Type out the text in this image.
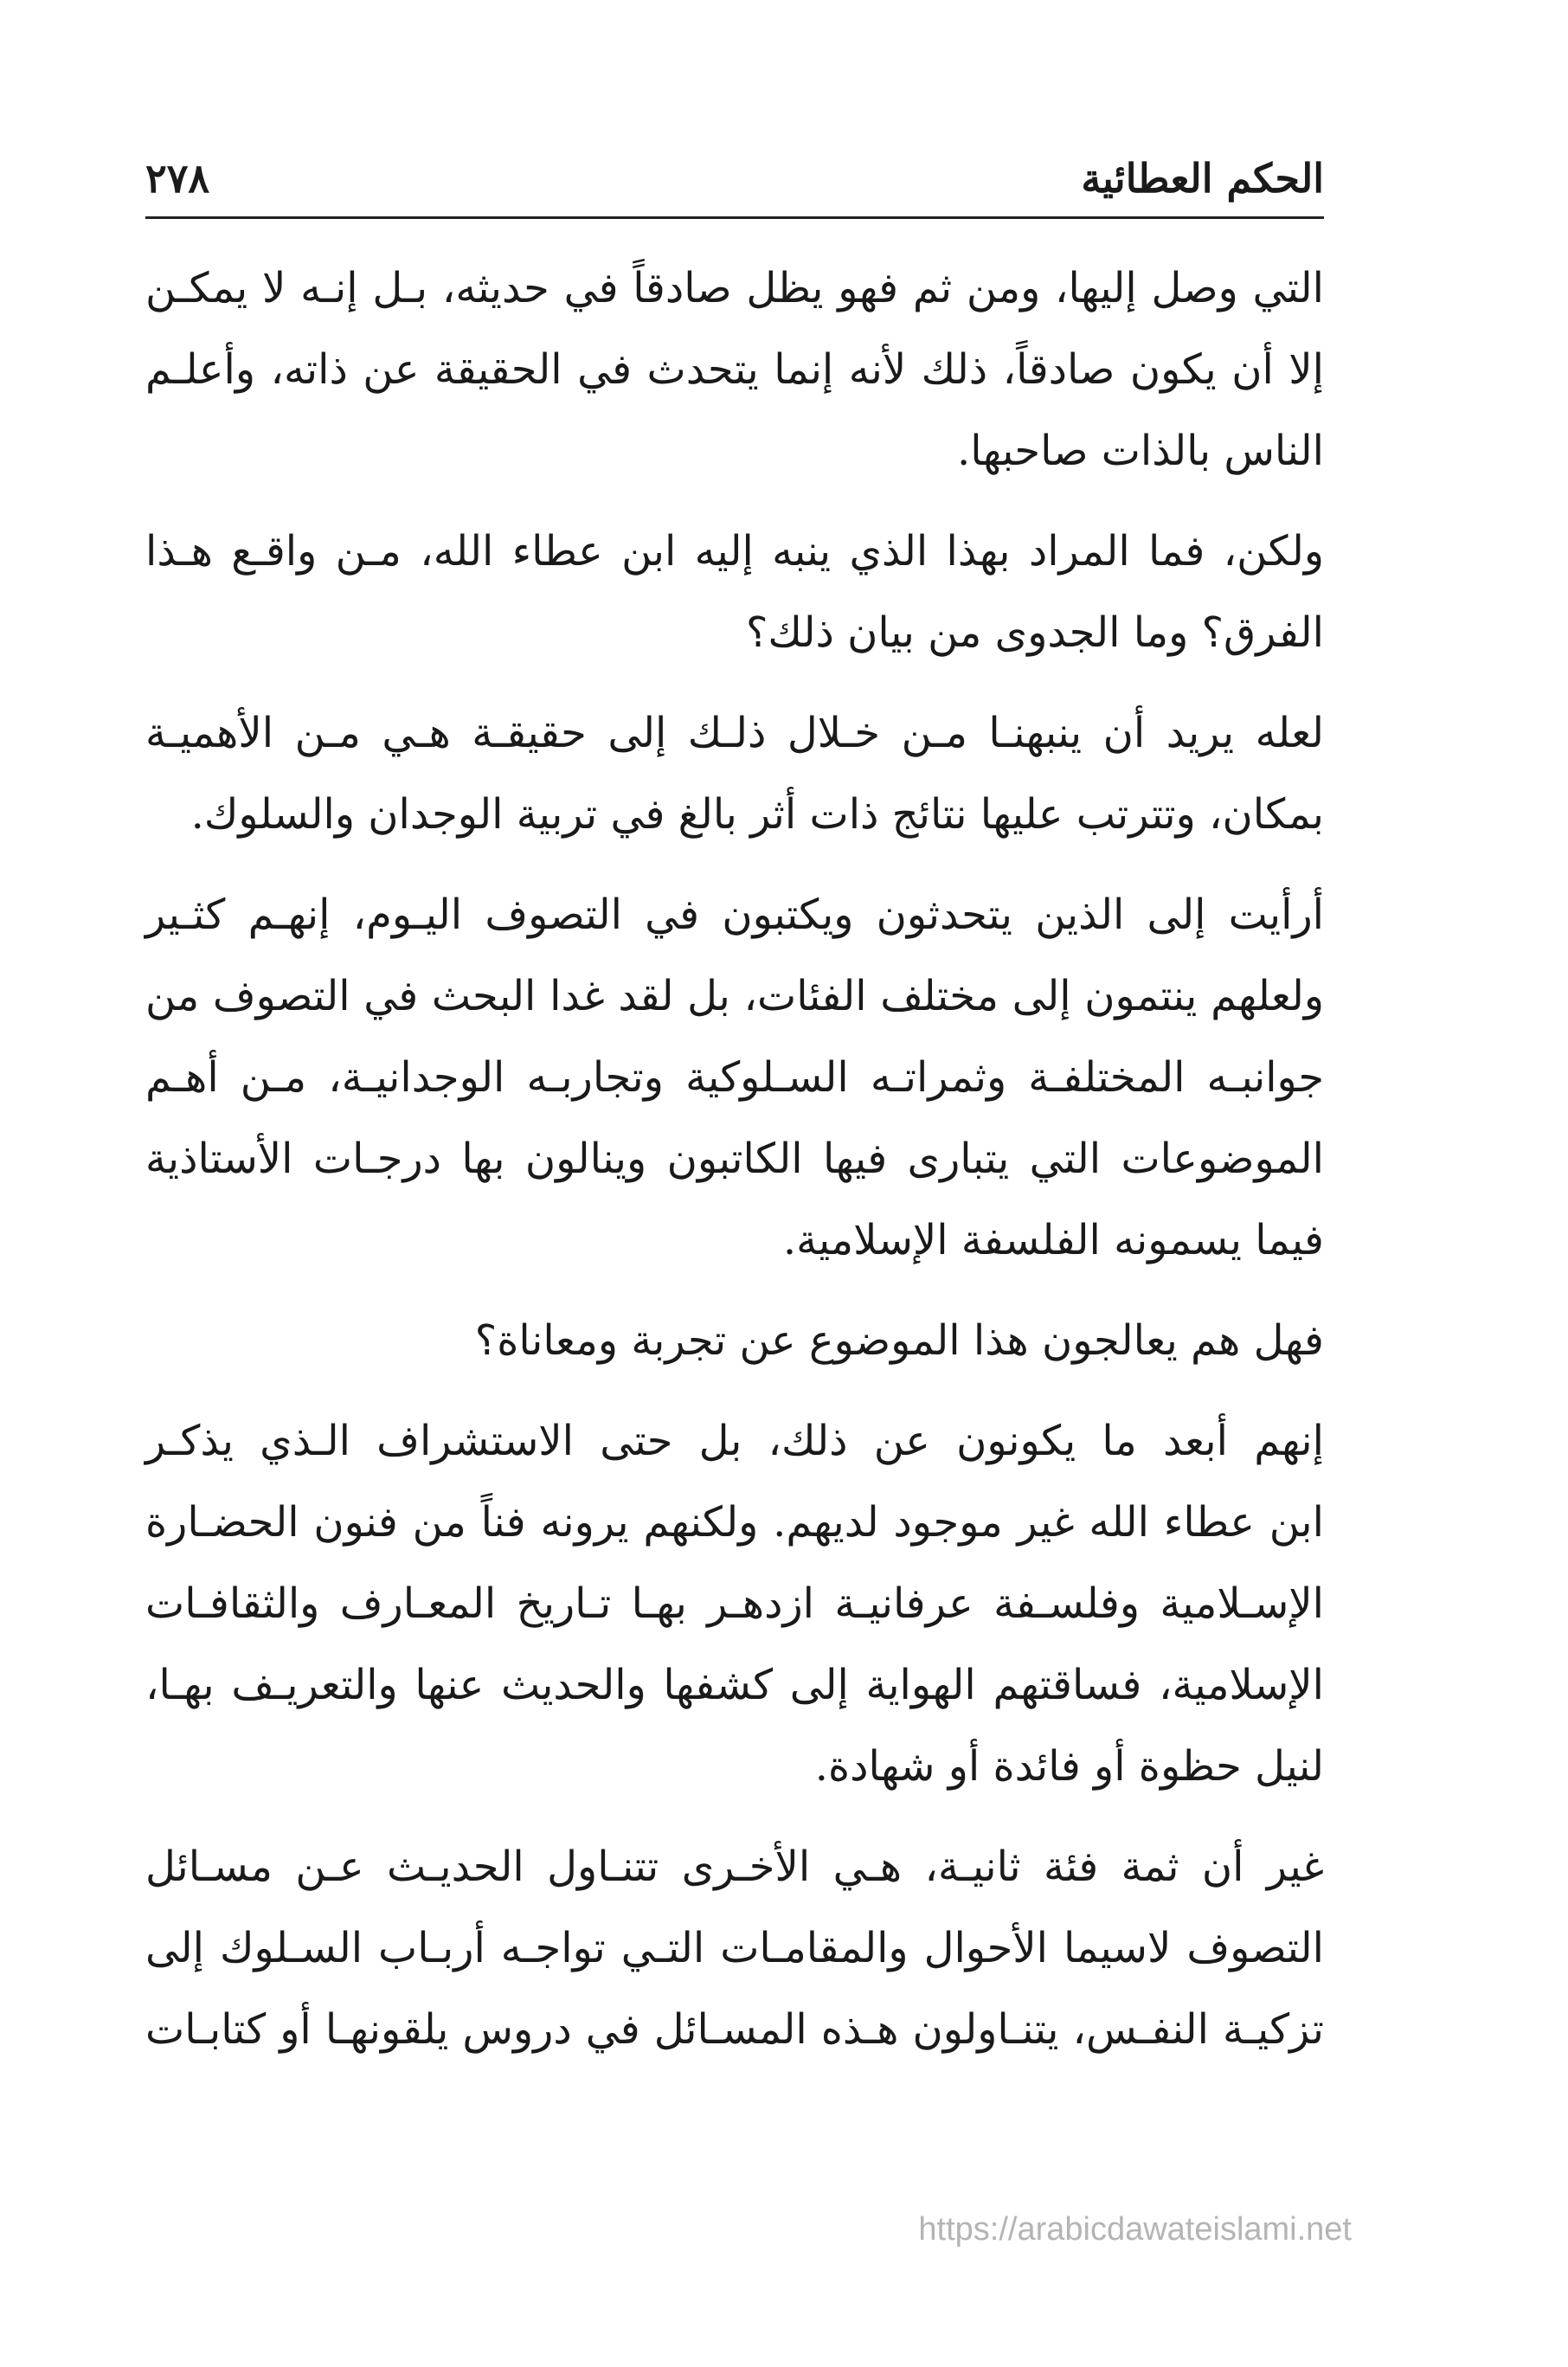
الحكم العطائية
٢٧٨

التي وصل إليها، ومن ثم فهو يظل صادقاً في حديثه، بـل إنـه لا يمكـن
إلا أن يكون صادقاً، ذلك لأنه إنما يتحدث في الحقيقة عن ذاته، وأعلـم
الناس بالذات صاحبها.

ولكن، فما المراد بهذا الذي ينبه إليه ابن عطاء الله، مـن واقـع هـذا
الفرق؟ وما الجدوى من بيان ذلك؟

لعله يريد أن ينبهنـا مـن خـلال ذلـك إلى حقيقـة هـي مـن الأهميـة
بمكان، وتترتب عليها نتائج ذات أثر بالغ في تربية الوجدان والسلوك.

أرأيت إلى الذين يتحدثون ويكتبون في التصوف اليـوم، إنهـم كثـير
ولعلهم ينتمون إلى مختلف الفئات، بل لقد غدا البحث في التصوف من
جوانبـه المختلفـة وثمراتـه السـلوكية وتجاربـه الوجدانيـة، مـن أهـم
الموضوعات التي يتبارى فيها الكاتبون وينالون بها درجـات الأستاذية
فيما يسمونه الفلسفة الإسلامية.

فهل هم يعالجون هذا الموضوع عن تجربة ومعاناة؟

إنهم أبعد ما يكونون عن ذلك، بل حتى الاستشراف الـذي يذكـر
ابن عطاء الله غير موجود لديهم. ولكنهم يرونه فناً من فنون الحضـارة
الإسـلامية وفلسـفة عرفانيـة ازدهـر بهـا تـاريخ المعـارف والثقافـات
الإسلامية، فساقتهم الهواية إلى كشفها والحديث عنها والتعريـف بهـا،
لنيل حظوة أو فائدة أو شهادة.

غير أن ثمة فئة ثانيـة، هـي الأخـرى تتنـاول الحديـث عـن مسـائل
التصوف لاسيما الأحوال والمقامـات التـي تواجـه أربـاب السـلوك إلى
تزكيـة النفـس، يتنـاولون هـذه المسـائل في دروس يلقونهـا أو كتابـات

https://arabicdawateislami.net
